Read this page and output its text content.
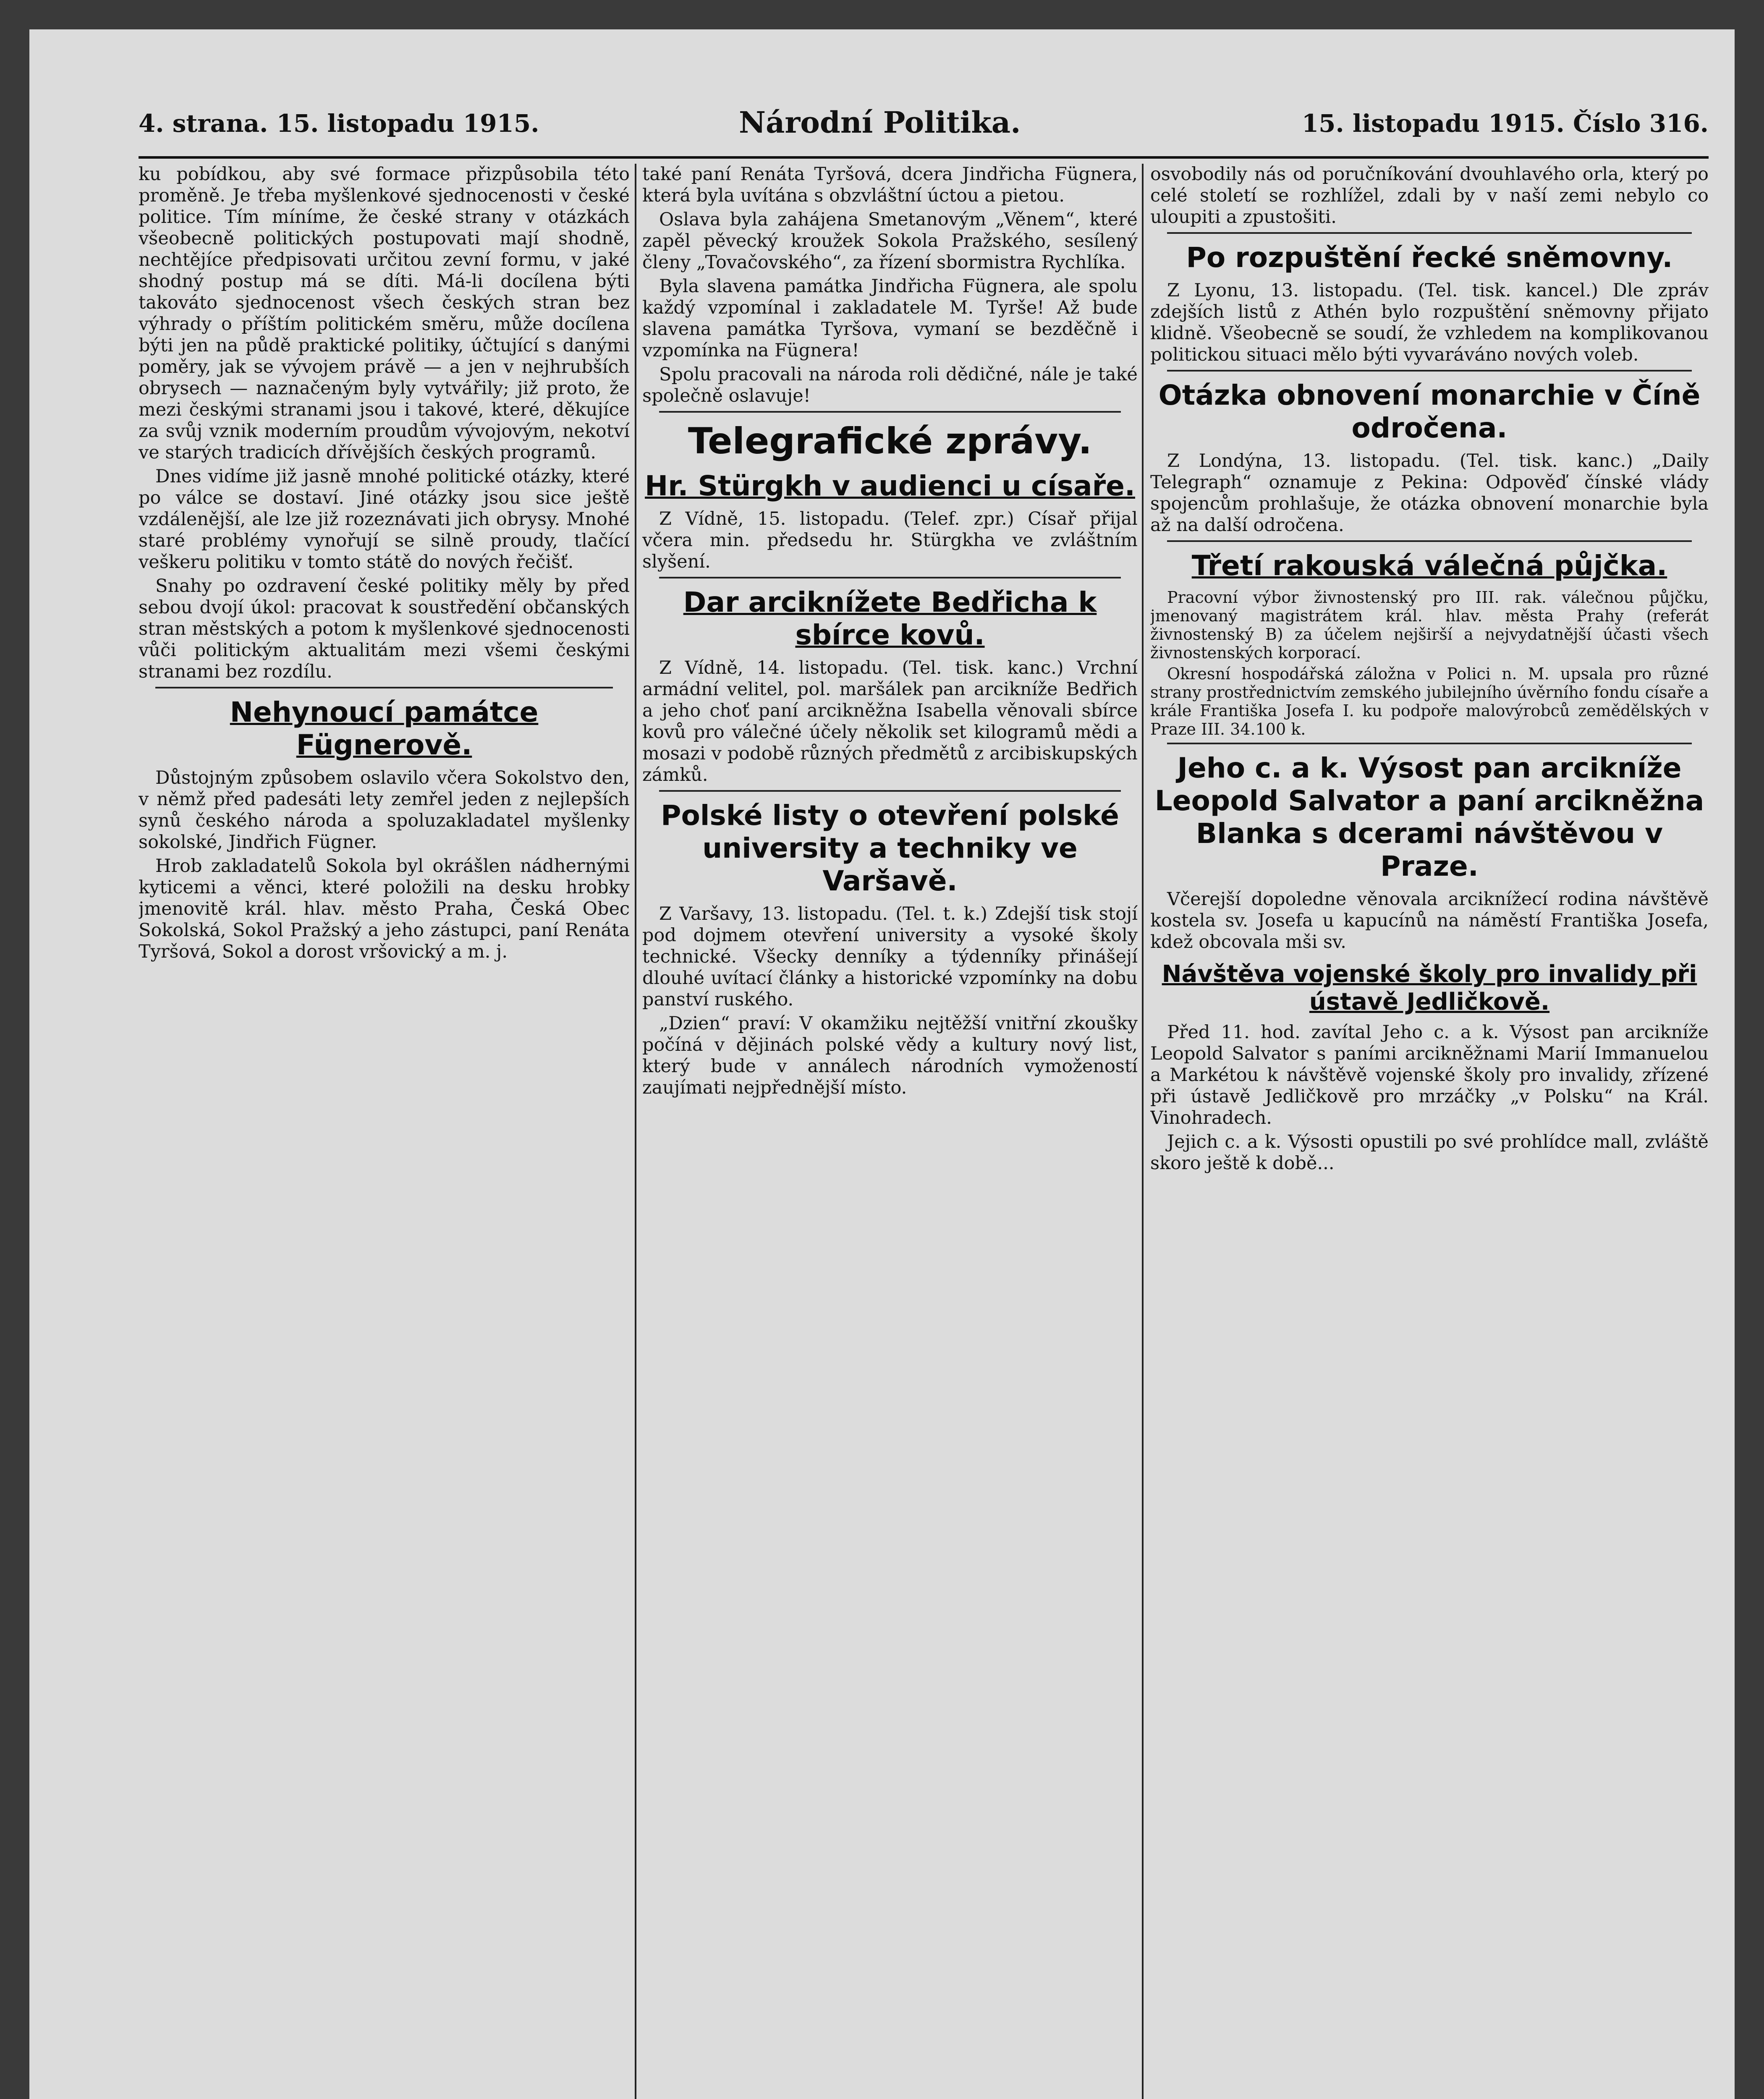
4. strana. 15. listopadu 1915.	Národní Politika.	15. listopadu 1915. Číslo 316.

ku pobídkou, aby své formace přizpůsobila této proměně. Je třeba myšlenkové sjednocenosti v české politice. Tím míníme, že české strany v otázkách všeobecně politických postupovati mají shodně, nechtějíce předpisovati určitou zevní formu, v jaké shodný postup má se díti. Má-li docílena býti takováto sjednocenost všech českých stran bez výhrady o příštím politickém směru, může docílena býti jen na půdě praktické politiky, účtující s danými poměry, jak se vývojem právě — a jen v nejhrubších obrysech — naznačeným byly vytvářily; již proto, že mezi českými stranami jsou i takové, které, děkujíce za svůj vznik moderním proudům vývojovým, nekotví ve starých tradicích dřívějších českých programů.

Dnes vidíme již jasně mnohé politické otázky, které po válce se dostaví. Jiné otázky jsou sice ještě vzdálenější, ale lze již rozeznávati jich obrysy. Mnohé staré problémy vynořují se silně proudy, tlačící veškeru politiku v tomto státě do nových řečišť.

Snahy po ozdravení české politiky měly by před sebou dvojí úkol: pracovat k soustředění občanských stran městských a potom k myšlenkové sjednocenosti vůči politickým aktualitám mezi všemi českými stranami bez rozdílu.

Nehynoucí památce Fügnerově.

Důstojným způsobem oslavilo včera Sokolstvo den, v němž před padesáti lety zemřel jeden z nejlepších synů českého národa a spoluzakladatel myšlenky sokolské, Jindřich Fügner.

Hrob zakladatelů Sokola byl okrášlen nádhernými kyticemi a věnci, které položili na desku hrobky jmenovitě král. hlav. město Praha, Česká Obec Sokolská, Sokol Pražský a jeho zástupci, paní Renáta Tyršová, Sokol a dorost vršovický a m. j.

také paní Renáta Tyršová, dcera Jindřicha Fügnera, která byla uvítána s obzvláštní úctou a pietou.

Oslava byla zahájena Smetanovým „Věnem“, které zapěl pěvecký kroužek Sokola Pražského, sesílený členy „Tovačovského“, za řízení sbormistra Rychlíka.

Byla slavena památka Jindřicha Fügnera, ale spolu každý vzpomínal i zakladatele M. Tyrše! Až bude slavena památka Tyršova, vymaní se bezděčně i vzpomínka na Fügnera!

Spolu pracovali na národa roli dědičné, nále je také společně oslavuje!

Telegrafické zprávy.
Hr. Stürgkh v audienci u císaře.

Z Vídně, 15. listopadu. (Telef. zpr.) Císař přijal včera min. předsedu hr. Stürgkha ve zvláštním slyšení.

Dar arciknížete Bedřicha k sbírce kovů.

Z Vídně, 14. listopadu. (Tel. tisk. kanc.) Vrchní armádní velitel, pol. maršálek pan arcikníže Bedřich a jeho choť paní arcikněžna Isabella věnovali sbírce kovů pro válečné účely několik set kilogramů mědi a mosazi v podobě různých předmětů z arcibiskupských zámků.

Polské listy o otevření polské university a techniky ve Varšavě.

Z Varšavy, 13. listopadu. (Tel. t. k.) Zdejší tisk stojí pod dojmem otevření university a vysoké školy technické. Všecky denníky a týdenníky přinášejí dlouhé uvítací články a historické vzpomínky na dobu panství ruského.

„Dzien“ praví: V okamžiku nejtěžší vnitřní zkoušky počíná v dějinách polské vědy a kultury nový list, který bude v annálech národních vymožeností zaujímati nejpřednější místo.

osvobodily nás od poručníkování dvouhlavého orla, který po celé století se rozhlížel, zdali by v naší zemi nebylo co uloupiti a zpustošiti.

Po rozpuštění řecké sněmovny.

Z Lyonu, 13. listopadu. (Tel. tisk. kancel.) Dle zpráv zdejších listů z Athén bylo rozpuštění sněmovny přijato klidně. Všeobecně se soudí, že vzhledem na komplikovanou politickou situaci mělo býti vyvaráváno nových voleb.

Otázka obnovení monarchie v Číně odročena.

Z Londýna, 13. listopadu. (Tel. tisk. kanc.) „Daily Telegraph“ oznamuje z Pekina: Odpověď čínské vlády spojencům prohlašuje, že otázka obnovení monarchie byla až na další odročena.

Třetí rakouská válečná půjčka.

Pracovní výbor živnostenský pro III. rak. válečnou půjčku, jmenovaný magistrátem král. hlav. města Prahy (referát živnostenský B) za účelem nejširší a nejvydatnější účasti všech živnostenských korporací.

Okresní hospodářská záložna v Polici n. M. upsala pro různé strany prostřednictvím zemského jubilejního úvěrního fondu císaře a krále Františka Josefa I. ku podpoře malovýrobců zemědělských v Praze III. 34.100 k.

Jeho c. a k. Výsost pan arcikníže Leopold Salvator a paní arcikněžna Blanka s dcerami návštěvou v Praze.

Včerejší dopoledne věnovala arciknížecí rodina návštěvě kostela sv. Josefa u kapucínů na náměstí Františka Josefa, kdež obcovala mši sv.

Návštěva vojenské školy pro invalidy při ústavě Jedličkově.

Před 11. hod. zavítal Jeho c. a k. Výsost pan arcikníže Leopold Salvator s paními arcikněžnami Marií Immanuelou a Markétou k návštěvě vojenské školy pro invalidy, zřízené při ústavě Jedličkově pro mrzáčky „v Polsku“ na Král. Vinohradech.

Jejich c. a k. Výsosti opustili po své prohlídce mall, zvláště skoro ještě k době...
